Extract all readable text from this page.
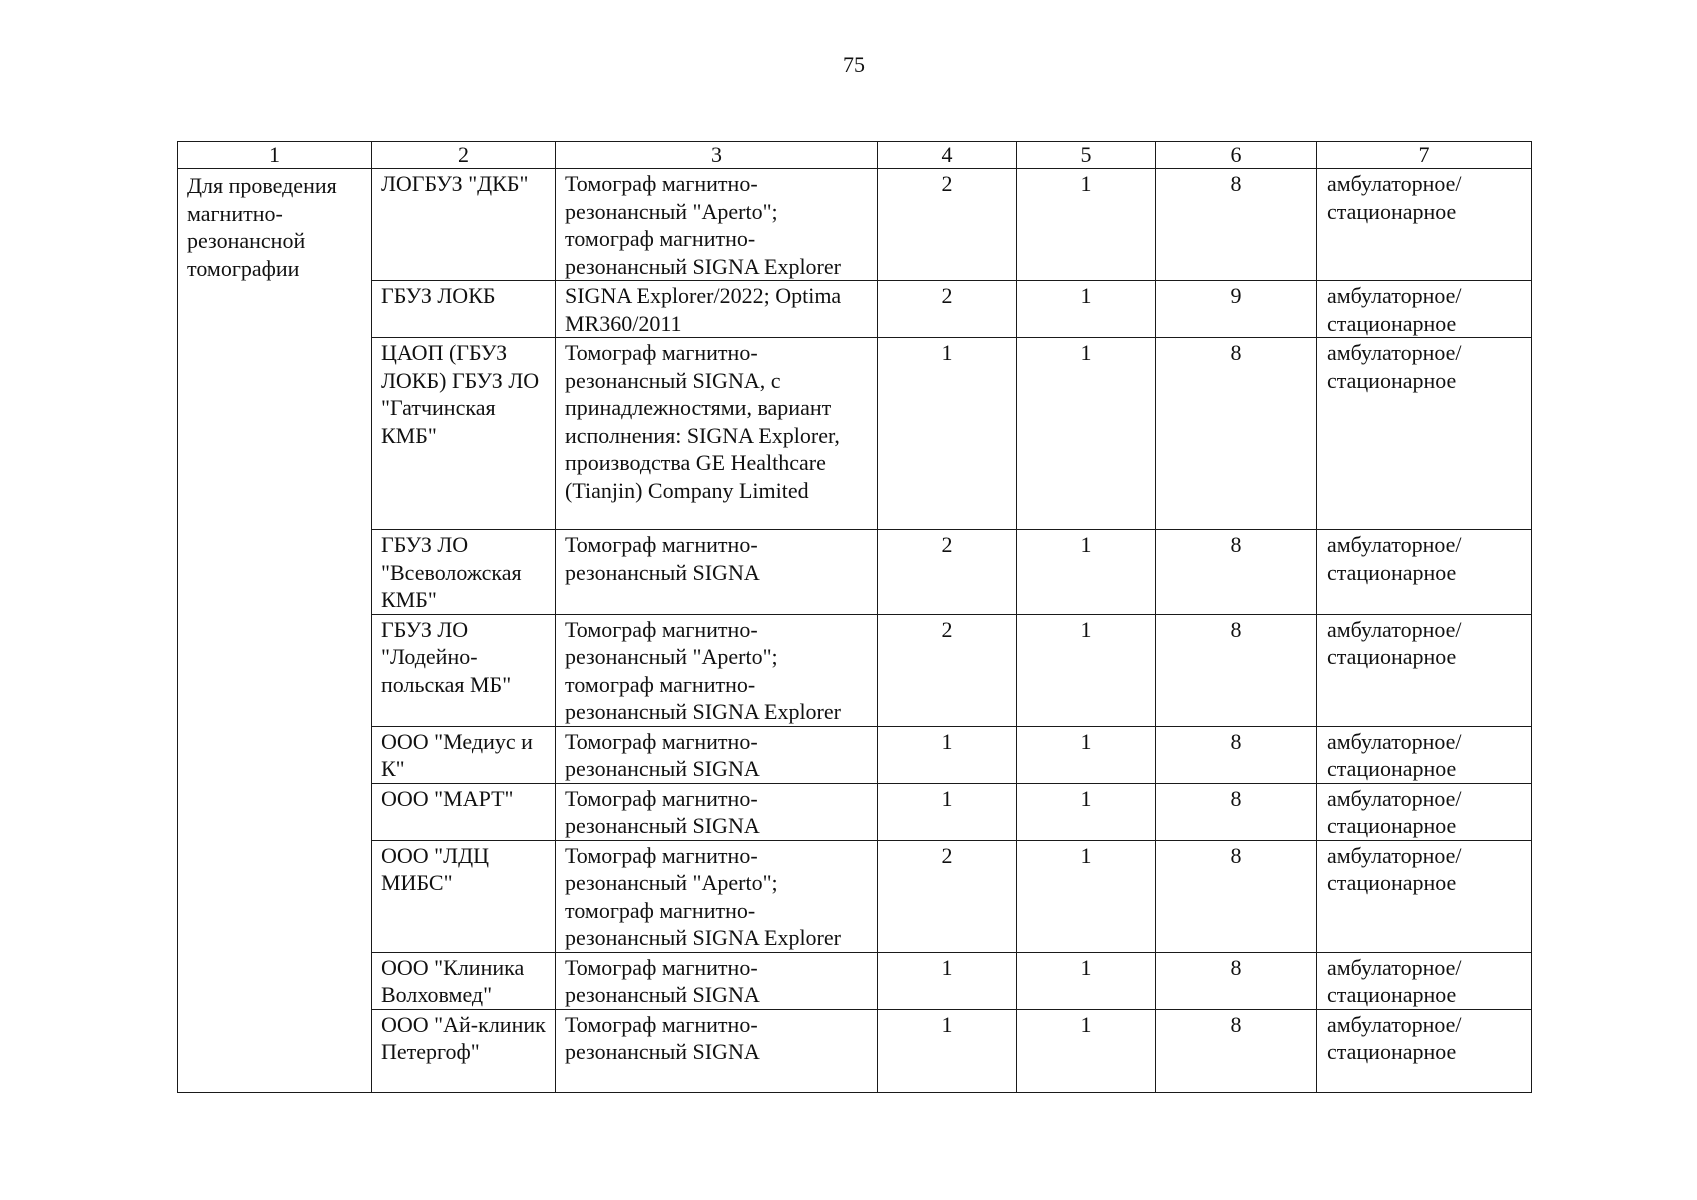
75
1	2	3	4	5	6	7
Для проведения магнитно-резонансной томографии	ЛОГБУЗ "ДКБ"	Томограф магнитно-резонансный "Aperto"; томограф магнитно-резонансный SIGNA Explorer	2	1	8	амбулаторное/ стационарное
	ГБУЗ ЛОКБ	SIGNA Explorer/2022; Optima MR360/2011	2	1	9	амбулаторное/ стационарное
	ЦАОП (ГБУЗ ЛОКБ) ГБУЗ ЛО "Гатчинская КМБ"	Томограф магнитно-резонансный SIGNA, с принадлежностями, вариант исполнения: SIGNA Explorer, производства GE Healthcare (Tianjin) Company Limited	1	1	8	амбулаторное/ стационарное
	ГБУЗ ЛО "Всеволожская КМБ"	Томограф магнитно-резонансный SIGNA	2	1	8	амбулаторное/ стационарное
	ГБУЗ ЛО "Лодейно-польская МБ"	Томограф магнитно-резонансный "Aperto"; томограф магнитно-резонансный SIGNA Explorer	2	1	8	амбулаторное/ стационарное
	ООО "Медиус и К"	Томограф магнитно-резонансный SIGNA	1	1	8	амбулаторное/ стационарное
	ООО "МАРТ"	Томограф магнитно-резонансный SIGNA	1	1	8	амбулаторное/ стационарное
	ООО "ЛДЦ МИБС"	Томограф магнитно-резонансный "Aperto"; томограф магнитно-резонансный SIGNA Explorer	2	1	8	амбулаторное/ стационарное
	ООО "Клиника Волховмед"	Томограф магнитно-резонансный SIGNA	1	1	8	амбулаторное/ стационарное
	ООО "Ай-клиник Петергоф"	Томограф магнитно-резонансный SIGNA	1	1	8	амбулаторное/ стационарное
